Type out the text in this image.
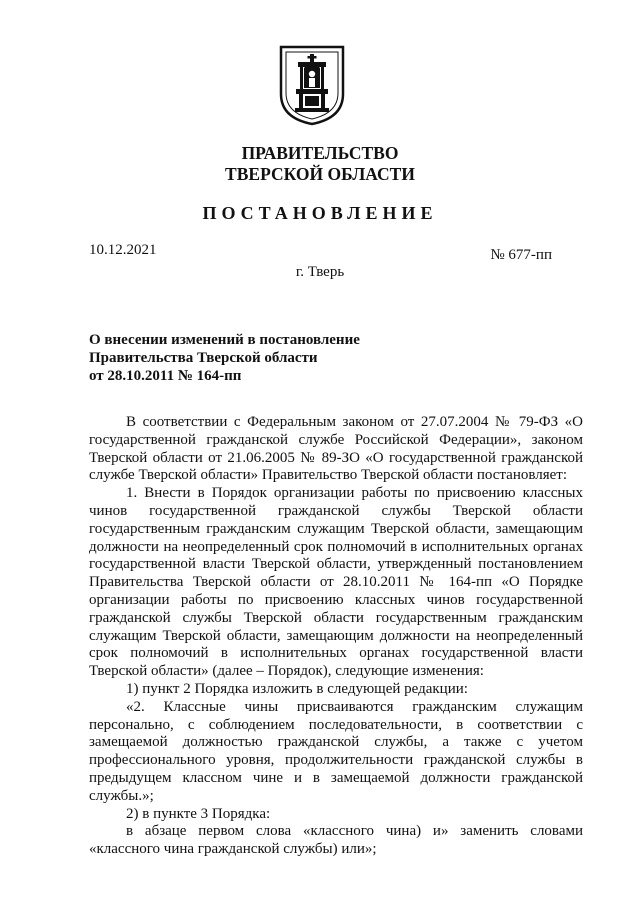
ПРАВИТЕЛЬСТВО
ТВЕРСКОЙ ОБЛАСТИ
ПОСТАНОВЛЕНИЕ
10.12.2021	№ 677-пп
г. Тверь
О внесении изменений в постановление
Правительства Тверской области
от 28.10.2011 № 164-пп

В соответствии с Федеральным законом от 27.07.2004 № 79-ФЗ «О государственной гражданской службе Российской Федерации», законом Тверской области от 21.06.2005 № 89-ЗО «О государственной гражданской службе Тверской области» Правительство Тверской области постановляет:

1. Внести в Порядок организации работы по присвоению классных чинов государственной гражданской службы Тверской области государственным гражданским служащим Тверской области, замещающим должности на неопределенный срок полномочий в исполнительных органах государственной власти Тверской области, утвержденный постановлением Правительства Тверской области от 28.10.2011 № 164-пп «О Порядке организации работы по присвоению классных чинов государственной гражданской службы Тверской области государственным гражданским служащим Тверской области, замещающим должности на неопределенный срок полномочий в исполнительных органах государственной власти Тверской области» (далее – Порядок), следующие изменения:

1) пункт 2 Порядка изложить в следующей редакции:

«2. Классные чины присваиваются гражданским служащим персонально, с соблюдением последовательности, в соответствии с замещаемой должностью гражданской службы, а также с учетом профессионального уровня, продолжительности гражданской службы в предыдущем классном чине и в замещаемой должности гражданской службы.»;

2) в пункте 3 Порядка:

в абзаце первом слова «классного чина) и» заменить словами «классного чина гражданской службы) или»;
